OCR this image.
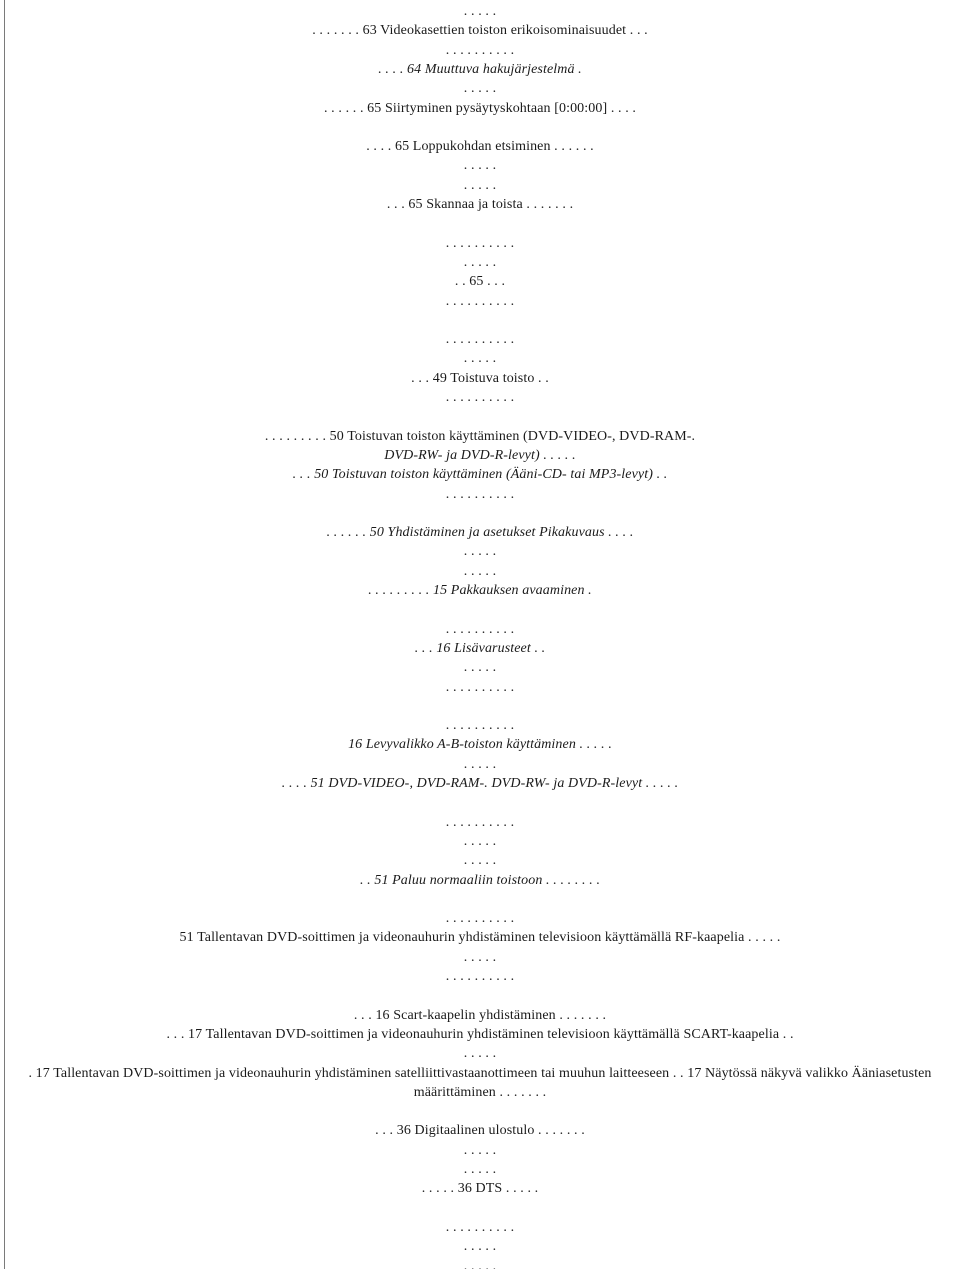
. . . . .
. . . . . . . 63 Videokasettien toiston erikoisominaisuudet . . .
. . . . . . . . . .
. . . . 64 Muuttuva hakujärjestelmä .
. . . . .
. . . . . . 65 Siirtyminen pysäytyskohtaan [0:00:00] . . . .
. . . . 65 Loppukohdan etsiminen . . . . . .
. . . . .
. . . . .
. . . 65 Skannaa ja toista . . . . . . .
. . . . . . . . . .
. . . . .
. . 65 . . .
. . . . . . . . . .
. . . . . . . . . .
. . . . .
. . . 49 Toistuva toisto . .
. . . . . . . . . .
. . . . . . . . . 50 Toistuvan toiston käyttäminen (DVD-VIDEO-, DVD-RAM-.
DVD-RW- ja DVD-R-levyt) . . . . .
. . . 50 Toistuvan toiston käyttäminen (Ääni-CD- tai MP3-levyt) . .
. . . . . . . . . .
. . . . . . 50 Yhdistäminen ja asetukset Pikakuvaus . . . .
. . . . .
. . . . .
. . . . . . . . . 15 Pakkauksen avaaminen .
. . . . . . . . . .
. . . 16 Lisävarusteet . .
. . . . .
. . . . . . . . . .
. . . . . . . . . .
16 Levyvalikko A-B-toiston käyttäminen . . . . .
. . . . .
. . . . 51 DVD-VIDEO-, DVD-RAM-. DVD-RW- ja DVD-R-levyt . . . . .
. . . . . . . . . .
. . . . .
. . . . .
. . 51 Paluu normaaliin toistoon . . . . . . . .
. . . . . . . . . .
51 Tallentavan DVD-soittimen ja videonauhurin yhdistäminen televisioon käyttämällä RF-kaapelia . . . . .
. . . . .
. . . . . . . . . .
. . . 16 Scart-kaapelin yhdistäminen . . . . . . .
. . . 17 Tallentavan DVD-soittimen ja videonauhurin yhdistäminen televisioon käyttämällä SCART-kaapelia . .
. . . . .
. 17 Tallentavan DVD-soittimen ja videonauhurin yhdistäminen satelliittivastaanottimeen tai muuhun laitteeseen . . 17 Näytössä näkyvä valikko Ääniasetusten
määrittäminen . . . . . . .
. . . 36 Digitaalinen ulostulo . . . . . . .
. . . . .
. . . . .
. . . . . 36 DTS . . . . .
. . . . . . . . . .
. . . . .
. . . . .
